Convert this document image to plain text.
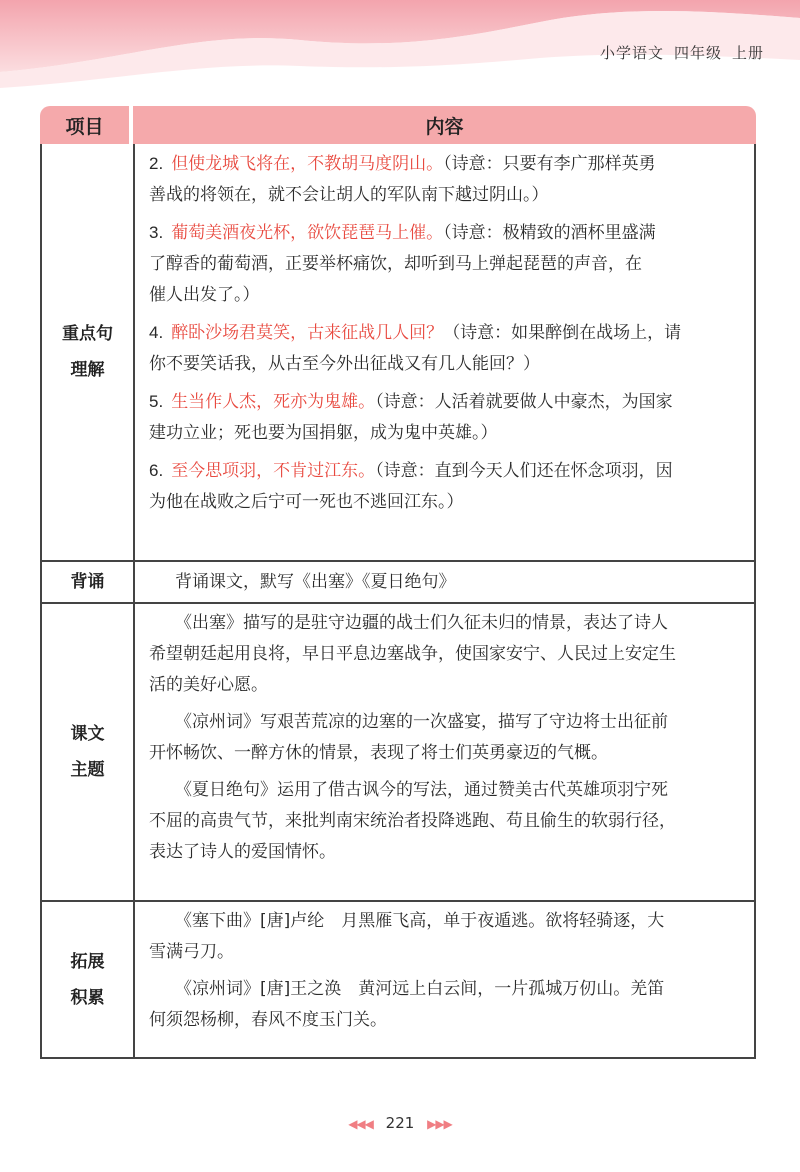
小学语文 四年级 上册
项目	内容
重点句
理解
2. 但使龙城飞将在，不教胡马度阴山。（诗意：只要有李广那样英勇
善战的将领在，就不会让胡人的军队南下越过阴山。）
3. 葡萄美酒夜光杯，欲饮琵琶马上催。（诗意：极精致的酒杯里盛满
了醇香的葡萄酒，正要举杯痛饮，却听到马上弹起琵琶的声音，在
催人出发了。）
4. 醉卧沙场君莫笑，古来征战几人回？（诗意：如果醉倒在战场上，请
你不要笑话我，从古至今外出征战又有几人能回？）
5. 生当作人杰，死亦为鬼雄。（诗意：人活着就要做人中豪杰，为国家
建功立业；死也要为国捐躯，成为鬼中英雄。）
6. 至今思项羽，不肯过江东。（诗意：直到今天人们还在怀念项羽，因
为他在战败之后宁可一死也不逃回江东。）
背诵	背诵课文，默写《出塞》《夏日绝句》
课文
主题
《出塞》描写的是驻守边疆的战士们久征未归的情景，表达了诗人
希望朝廷起用良将，早日平息边塞战争，使国家安宁、人民过上安定生
活的美好心愿。
《凉州词》写艰苦荒凉的边塞的一次盛宴，描写了守边将士出征前
开怀畅饮、一醉方休的情景，表现了将士们英勇豪迈的气概。
《夏日绝句》运用了借古讽今的写法，通过赞美古代英雄项羽宁死
不屈的高贵气节，来批判南宋统治者投降逃跑、苟且偷生的软弱行径，
表达了诗人的爱国情怀。
拓展
积累
《塞下曲》[唐]卢纶　月黑雁飞高，单于夜遁逃。欲将轻骑逐，大
雪满弓刀。
《凉州词》[唐]王之涣　黄河远上白云间，一片孤城万仞山。羌笛
何须怨杨柳，春风不度玉门关。
◀◀◀ 221 ▶▶▶
